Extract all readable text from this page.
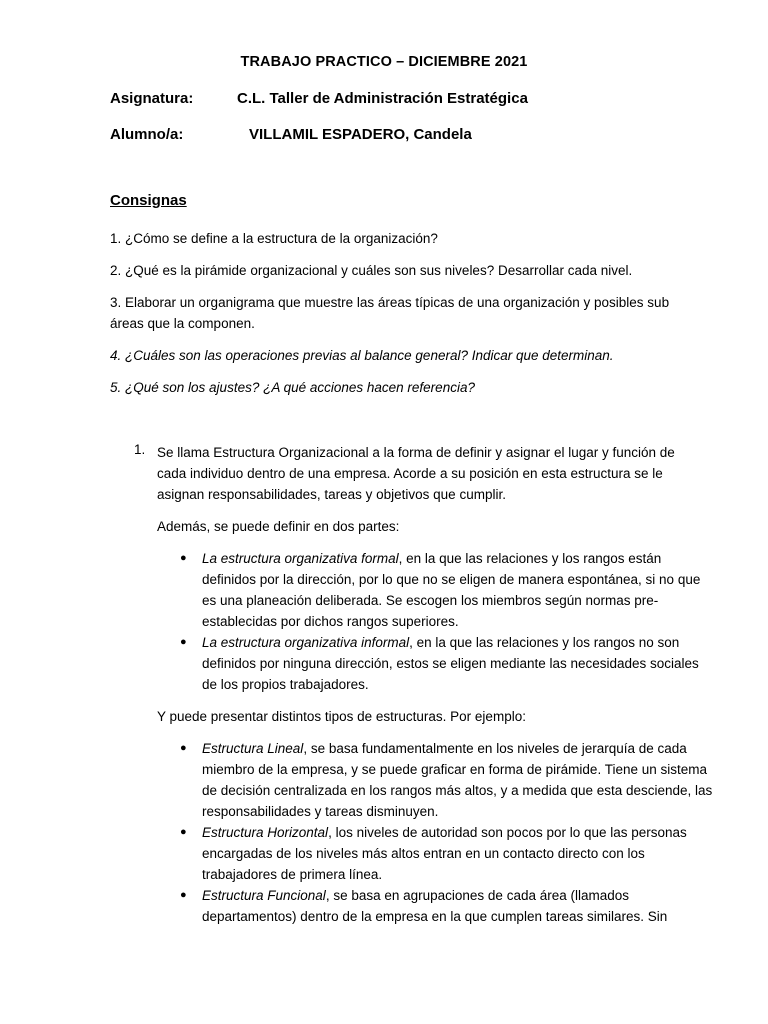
TRABAJO PRACTICO – DICIEMBRE 2021
Asignatura:	C.L. Taller de Administración Estratégica
Alumno/a:	VILLAMIL ESPADERO, Candela
Consignas
1. ¿Cómo se define a la estructura de la organización?
2. ¿Qué es la pirámide organizacional y cuáles son sus niveles? Desarrollar cada nivel.
3. Elaborar un organigrama que muestre las áreas típicas de una organización y posibles sub áreas que la componen.
4. ¿Cuáles son las operaciones previas al balance general? Indicar que determinan.
5. ¿Qué son los ajustes? ¿A qué acciones hacen referencia?
1. Se llama Estructura Organizacional a la forma de definir y asignar el lugar y función de cada individuo dentro de una empresa. Acorde a su posición en esta estructura se le asignan responsabilidades, tareas y objetivos que cumplir.
Además, se puede definir en dos partes:
● La estructura organizativa formal, en la que las relaciones y los rangos están definidos por la dirección, por lo que no se eligen de manera espontánea, si no que es una planeación deliberada. Se escogen los miembros según normas pre-establecidas por dichos rangos superiores.
● La estructura organizativa informal, en la que las relaciones y los rangos no son definidos por ninguna dirección, estos se eligen mediante las necesidades sociales de los propios trabajadores.
Y puede presentar distintos tipos de estructuras. Por ejemplo:
● Estructura Lineal, se basa fundamentalmente en los niveles de jerarquía de cada miembro de la empresa, y se puede graficar en forma de pirámide. Tiene un sistema de decisión centralizada en los rangos más altos, y a medida que esta desciende, las responsabilidades y tareas disminuyen.
● Estructura Horizontal, los niveles de autoridad son pocos por lo que las personas encargadas de los niveles más altos entran en un contacto directo con los trabajadores de primera línea.
● Estructura Funcional, se basa en agrupaciones de cada área (llamados departamentos) dentro de la empresa en la que cumplen tareas similares. Sin
